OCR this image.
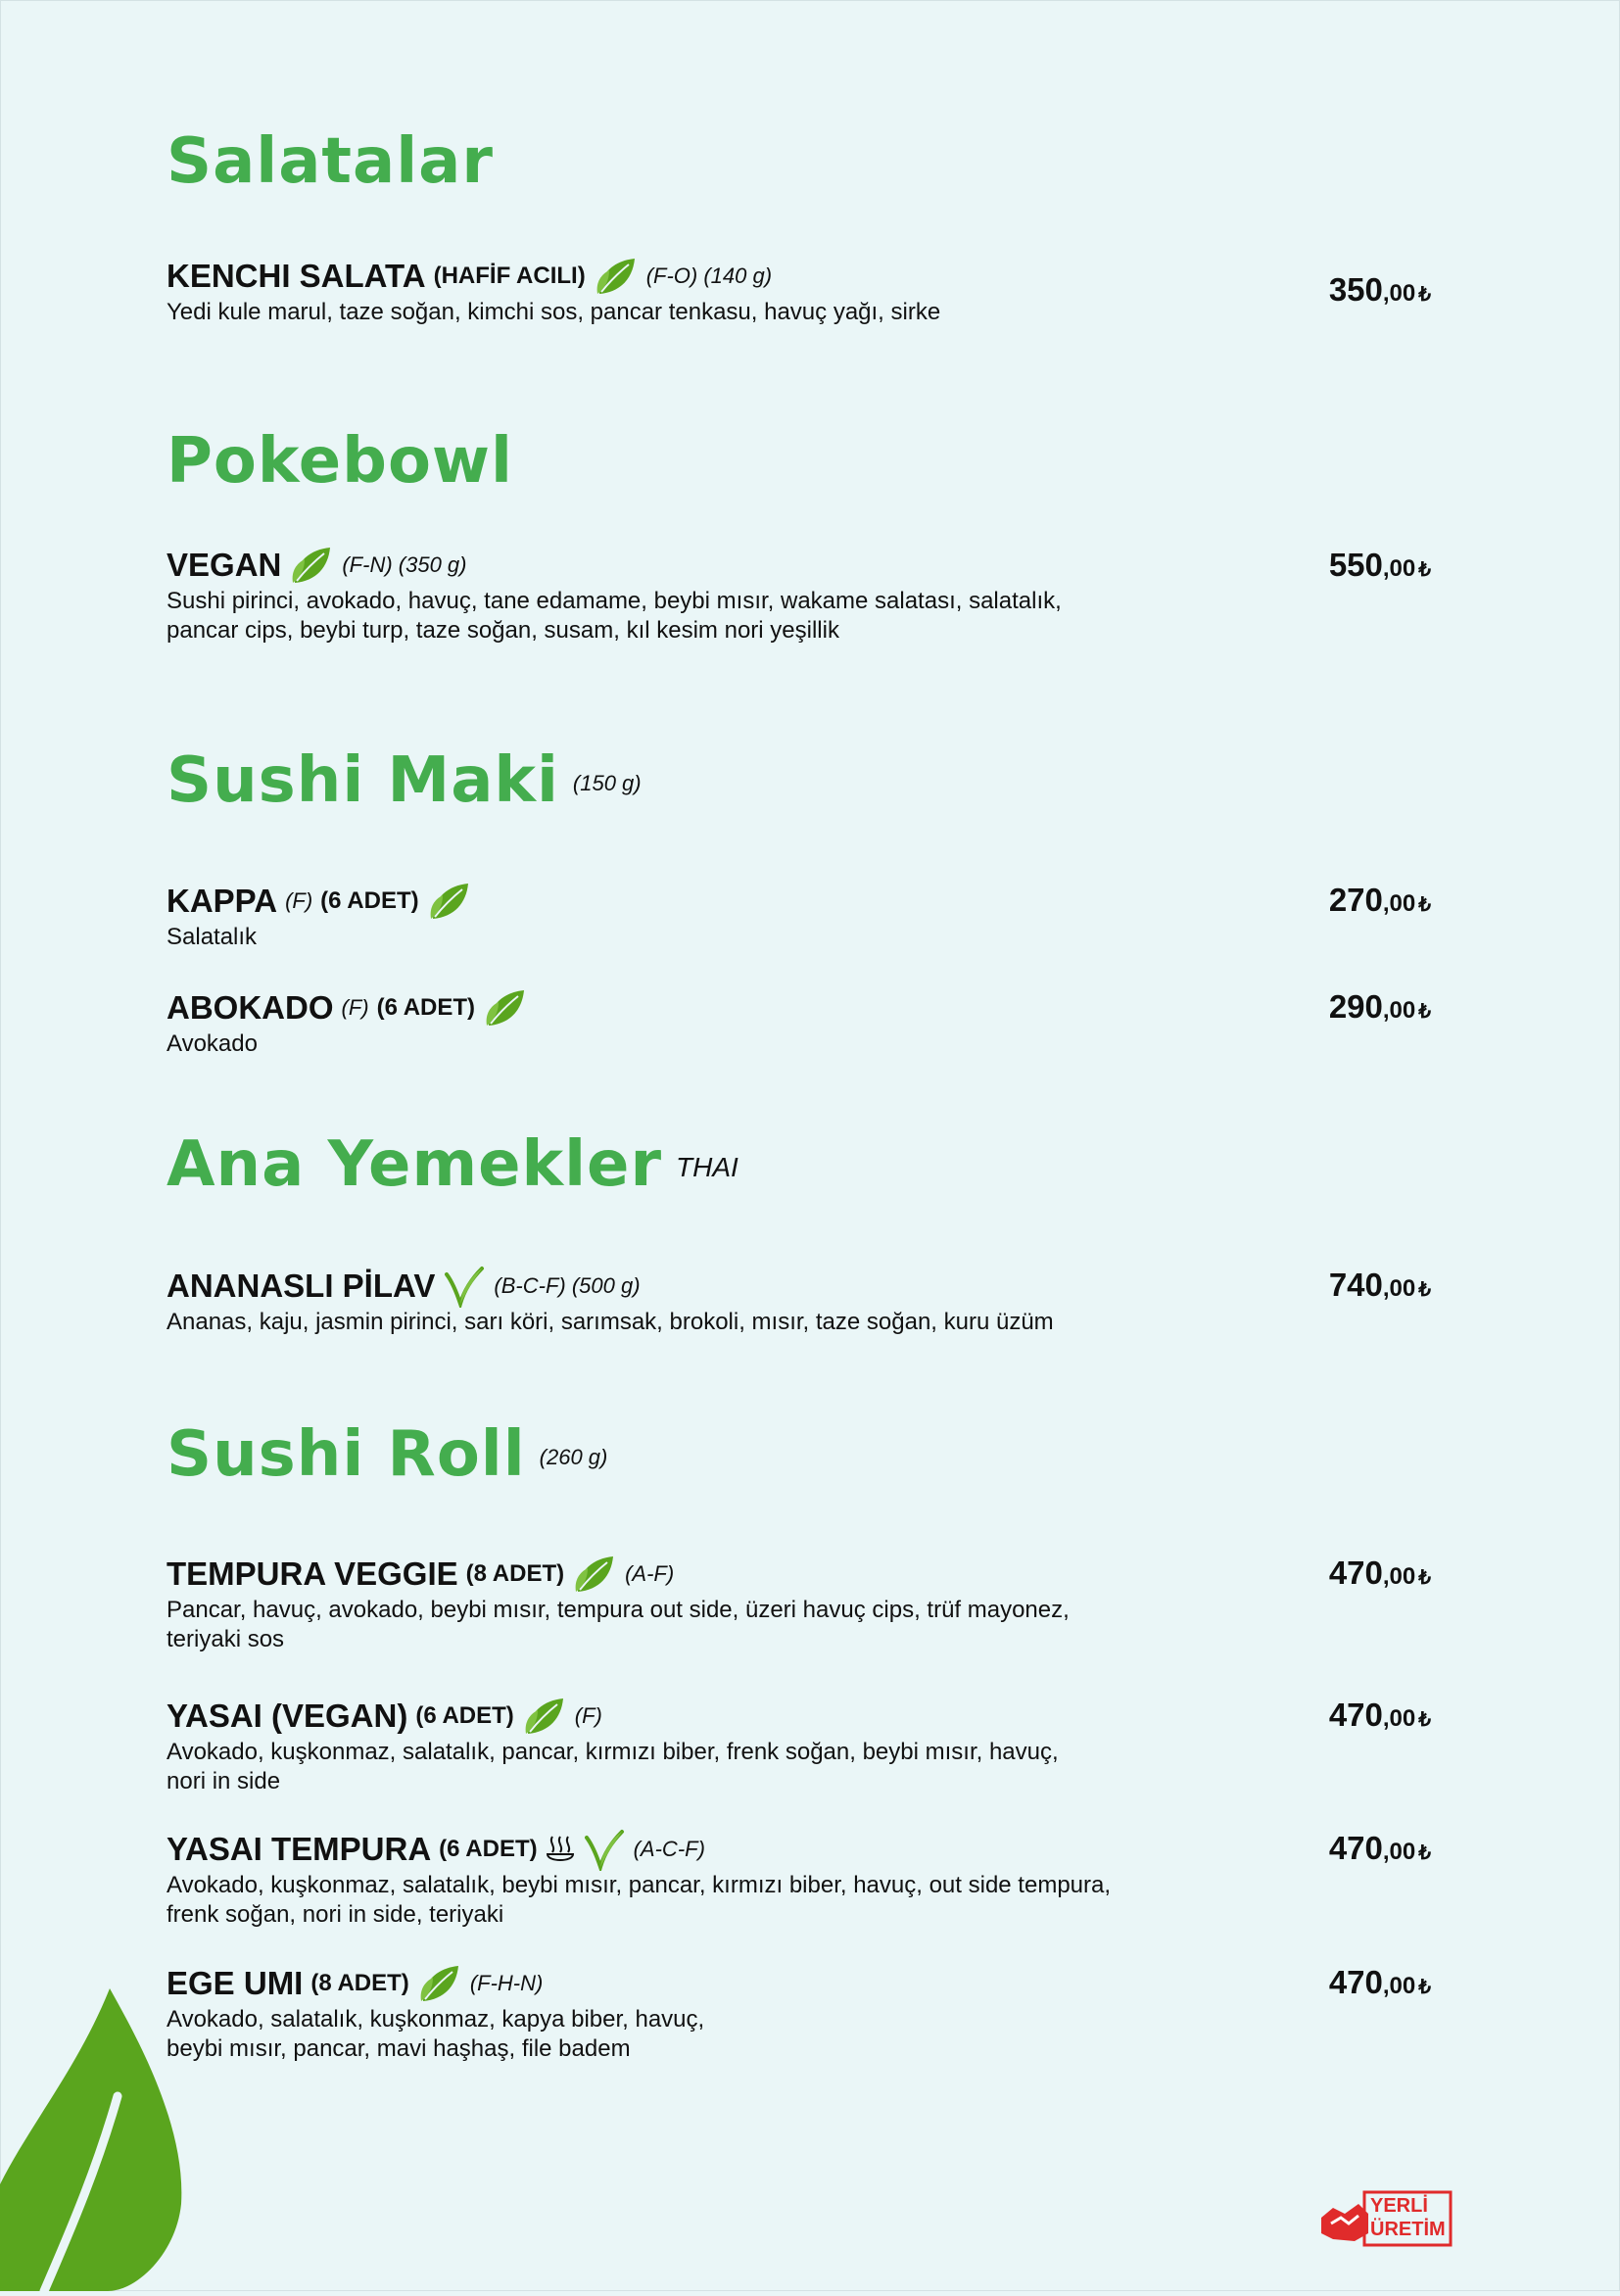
Salatalar
KENCHI SALATA (HAFİF ACILI)	(F-O) (140 g)
Yedi kule marul, taze soğan, kimchi sos, pancar tenkasu, havuç yağı, sirke
350,00 ₺
Pokebowl
VEGAN	(F-N) (350 g)
Sushi pirinci, avokado, havuç, tane edamame, beybi mısır, wakame salatası, salatalık,
pancar cips, beybi turp, taze soğan, susam, kıl kesim nori yeşillik
550,00 ₺
Sushi Maki (150 g)
KAPPA (F) (6 ADET)
Salatalık
270,00 ₺
ABOKADO (F) (6 ADET)
Avokado
290,00 ₺
Ana Yemekler THAI
ANANASLI PİLAV	(B-C-F) (500 g)
Ananas, kaju, jasmin pirinci, sarı köri, sarımsak, brokoli, mısır, taze soğan, kuru üzüm
740,00 ₺
Sushi Roll (260 g)
TEMPURA VEGGIE (8 ADET)	(A-F)
Pancar, havuç, avokado, beybi mısır, tempura out side, üzeri havuç cips, trüf mayonez,
teriyaki sos
470,00 ₺
YASAI (VEGAN) (6 ADET)	(F)
Avokado, kuşkonmaz, salatalık, pancar, kırmızı biber, frenk soğan, beybi mısır, havuç,
nori in side
470,00 ₺
YASAI TEMPURA (6 ADET)	(A-C-F)
Avokado, kuşkonmaz, salatalık, beybi mısır, pancar, kırmızı biber, havuç, out side tempura,
frenk soğan, nori in side, teriyaki
470,00 ₺
EGE UMI (8 ADET)	(F-H-N)
Avokado, salatalık, kuşkonmaz, kapya biber, havuç,
beybi mısır, pancar, mavi haşhaş, file badem
470,00 ₺
YERLİ
ÜRETİM
